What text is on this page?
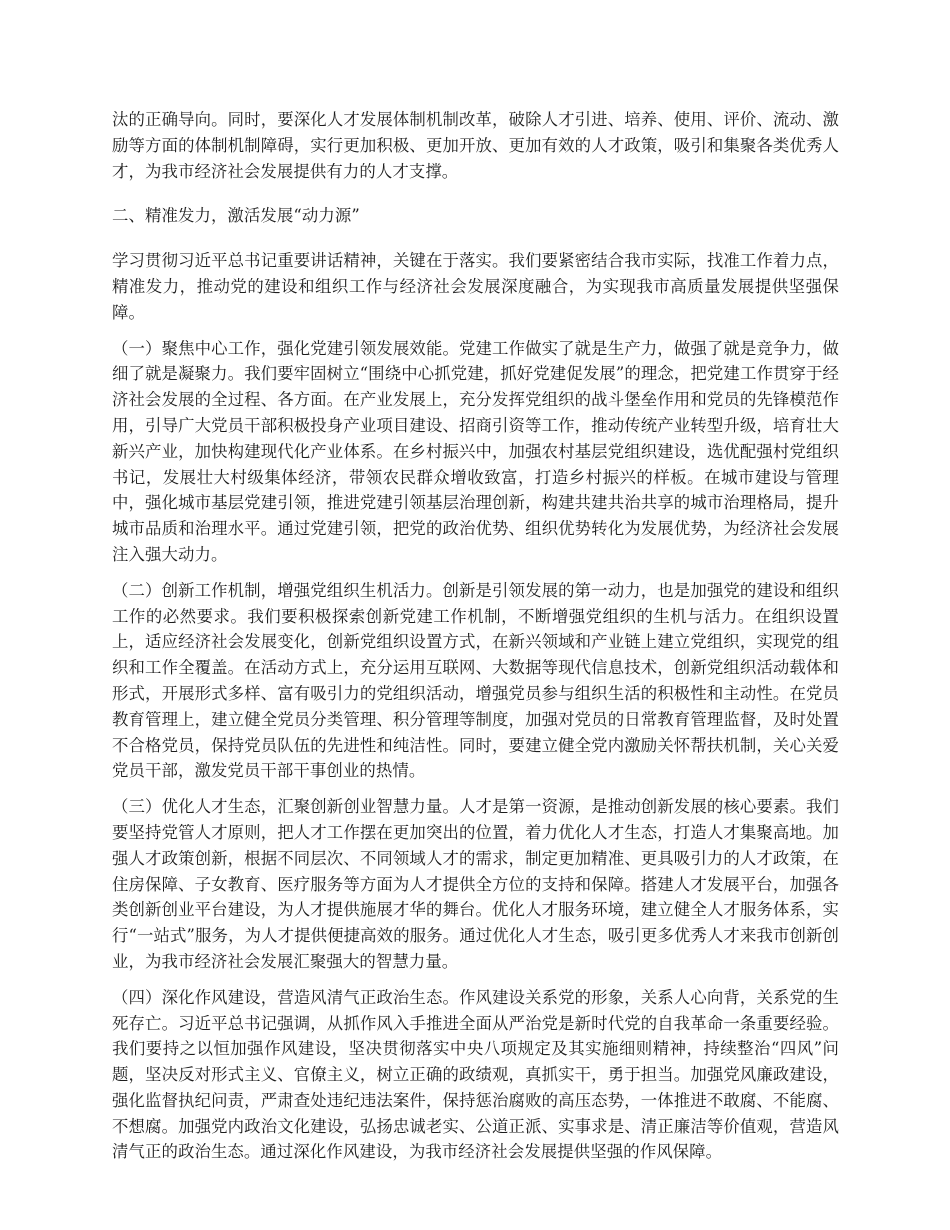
汰的正确导向。同时，要深化人才发展体制机制改革，破除人才引进、培养、使用、评价、流动、激励等方面的体制机制障碍，实行更加积极、更加开放、更加有效的人才政策，吸引和集聚各类优秀人才，为我市经济社会发展提供有力的人才支撑。

二、精准发力，激活发展“动力源”

学习贯彻习近平总书记重要讲话精神，关键在于落实。我们要紧密结合我市实际，找准工作着力点，精准发力，推动党的建设和组织工作与经济社会发展深度融合，为实现我市高质量发展提供坚强保障。

（一）聚焦中心工作，强化党建引领发展效能。党建工作做实了就是生产力，做强了就是竞争力，做细了就是凝聚力。我们要牢固树立“围绕中心抓党建，抓好党建促发展”的理念，把党建工作贯穿于经济社会发展的全过程、各方面。在产业发展上，充分发挥党组织的战斗堡垒作用和党员的先锋模范作用，引导广大党员干部积极投身产业项目建设、招商引资等工作，推动传统产业转型升级，培育壮大新兴产业，加快构建现代化产业体系。在乡村振兴中，加强农村基层党组织建设，选优配强村党组织书记，发展壮大村级集体经济，带领农民群众增收致富，打造乡村振兴的样板。在城市建设与管理中，强化城市基层党建引领，推进党建引领基层治理创新，构建共建共治共享的城市治理格局，提升城市品质和治理水平。通过党建引领，把党的政治优势、组织优势转化为发展优势，为经济社会发展注入强大动力。

（二）创新工作机制，增强党组织生机活力。创新是引领发展的第一动力，也是加强党的建设和组织工作的必然要求。我们要积极探索创新党建工作机制，不断增强党组织的生机与活力。在组织设置上，适应经济社会发展变化，创新党组织设置方式，在新兴领域和产业链上建立党组织，实现党的组织和工作全覆盖。在活动方式上，充分运用互联网、大数据等现代信息技术，创新党组织活动载体和形式，开展形式多样、富有吸引力的党组织活动，增强党员参与组织生活的积极性和主动性。在党员教育管理上，建立健全党员分类管理、积分管理等制度，加强对党员的日常教育管理监督，及时处置不合格党员，保持党员队伍的先进性和纯洁性。同时，要建立健全党内激励关怀帮扶机制，关心关爱党员干部，激发党员干部干事创业的热情。

（三）优化人才生态，汇聚创新创业智慧力量。人才是第一资源，是推动创新发展的核心要素。我们要坚持党管人才原则，把人才工作摆在更加突出的位置，着力优化人才生态，打造人才集聚高地。加强人才政策创新，根据不同层次、不同领域人才的需求，制定更加精准、更具吸引力的人才政策，在住房保障、子女教育、医疗服务等方面为人才提供全方位的支持和保障。搭建人才发展平台，加强各类创新创业平台建设，为人才提供施展才华的舞台。优化人才服务环境，建立健全人才服务体系，实行“一站式”服务，为人才提供便捷高效的服务。通过优化人才生态，吸引更多优秀人才来我市创新创业，为我市经济社会发展汇聚强大的智慧力量。

（四）深化作风建设，营造风清气正政治生态。作风建设关系党的形象，关系人心向背，关系党的生死存亡。习近平总书记强调，从抓作风入手推进全面从严治党是新时代党的自我革命一条重要经验。我们要持之以恒加强作风建设，坚决贯彻落实中央八项规定及其实施细则精神，持续整治“四风”问题，坚决反对形式主义、官僚主义，树立正确的政绩观，真抓实干，勇于担当。加强党风廉政建设，强化监督执纪问责，严肃查处违纪违法案件，保持惩治腐败的高压态势，一体推进不敢腐、不能腐、不想腐。加强党内政治文化建设，弘扬忠诚老实、公道正派、实事求是、清正廉洁等价值观，营造风清气正的政治生态。通过深化作风建设，为我市经济社会发展提供坚强的作风保障。
